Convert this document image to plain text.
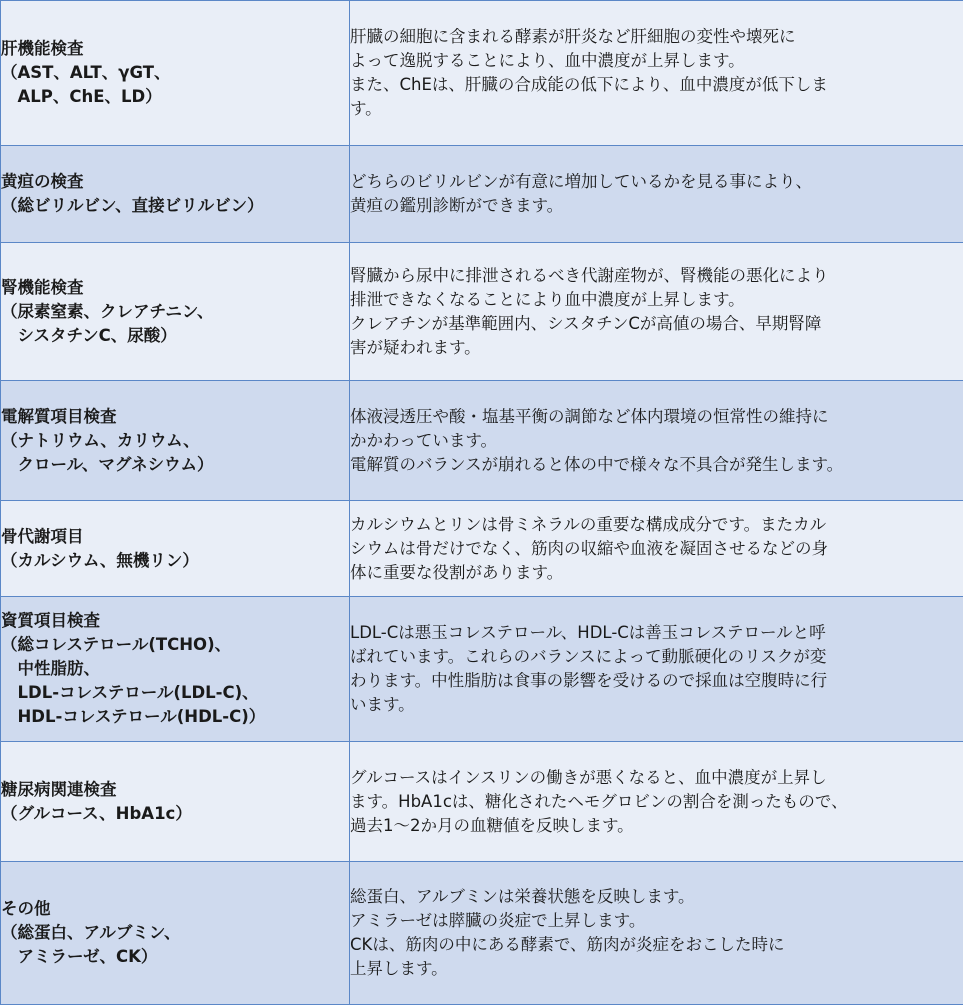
肝機能検査
（AST、ALT、γGT、
　ALP、ChE、LD）	肝臓の細胞に含まれる酵素が肝炎など肝細胞の変性や壊死に
よって逸脱することにより、血中濃度が上昇します。
また、ChEは、肝臓の合成能の低下により、血中濃度が低下しま
す。
黄疸の検査
（総ビリルビン、直接ビリルビン）	どちらのビリルビンが有意に増加しているかを見る事により、
黄疸の鑑別診断ができます。
腎機能検査
（尿素窒素、クレアチニン、
　シスタチンC、尿酸）	腎臓から尿中に排泄されるべき代謝産物が、腎機能の悪化により
排泄できなくなることにより血中濃度が上昇します。
クレアチンが基準範囲内、シスタチンCが高値の場合、早期腎障
害が疑われます。
電解質項目検査
（ナトリウム、カリウム、
　クロール、マグネシウム）	体液浸透圧や酸・塩基平衡の調節など体内環境の恒常性の維持に
かかわっています。
電解質のバランスが崩れると体の中で様々な不具合が発生します。
骨代謝項目
（カルシウム、無機リン）	カルシウムとリンは骨ミネラルの重要な構成成分です。またカル
シウムは骨だけでなく、筋肉の収縮や血液を凝固させるなどの身
体に重要な役割があります。
資質項目検査
（総コレステロール(TCHO)、
　中性脂肪、
　LDL-コレステロール(LDL-C)、
　HDL-コレステロール(HDL-C)）	LDL-Cは悪玉コレステロール、HDL-Cは善玉コレステロールと呼
ばれています。これらのバランスによって動脈硬化のリスクが変
わります。中性脂肪は食事の影響を受けるので採血は空腹時に行
います。
糖尿病関連検査
（グルコース、HbA1c）	グルコースはインスリンの働きが悪くなると、血中濃度が上昇し
ます。HbA1cは、糖化されたヘモグロビンの割合を測ったもので、
過去1～2か月の血糖値を反映します。
その他
（総蛋白、アルブミン、
　アミラーゼ、CK）	総蛋白、アルブミンは栄養状態を反映します。
アミラーゼは膵臓の炎症で上昇します。
CKは、筋肉の中にある酵素で、筋肉が炎症をおこした時に
上昇します。
